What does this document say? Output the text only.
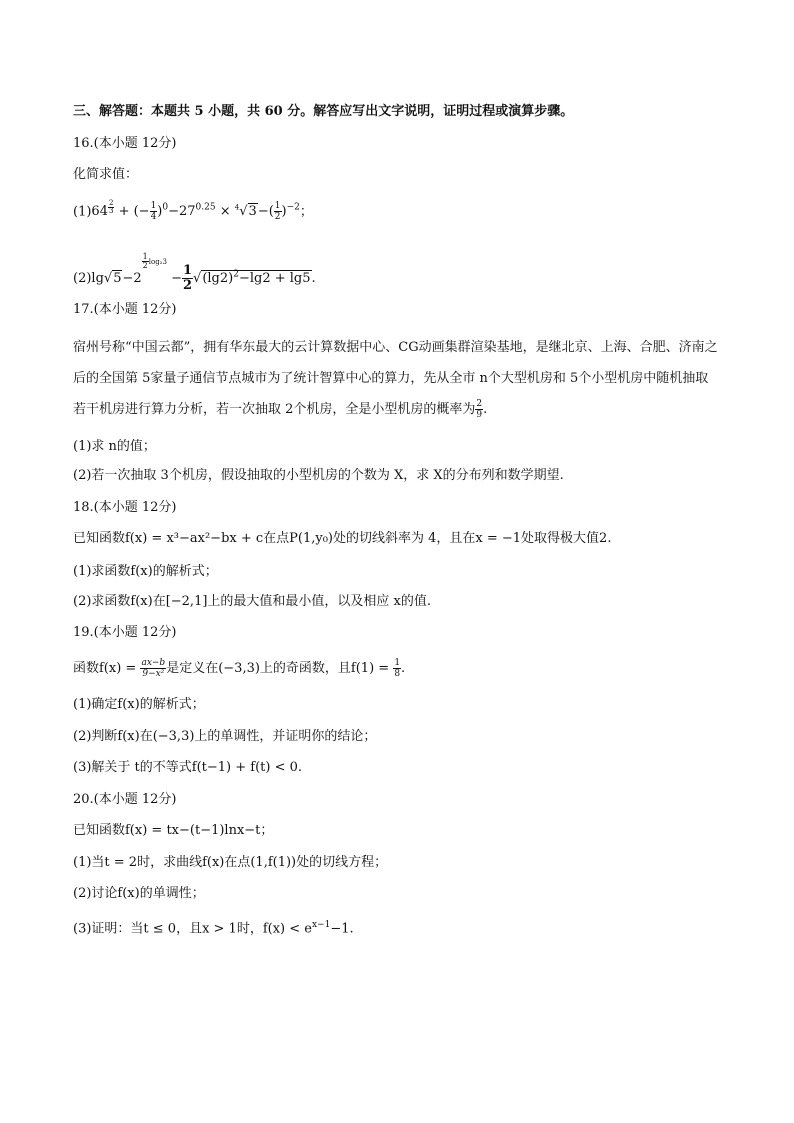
三、解答题：本题共 5 小题，共 60 分。解答应写出文字说明，证明过程或演算步骤。
16.(本小题 12分)
化简求值：
(1)64 $^{\frac{2}{3}}$ + (− $\frac{1}{4} )^0-27^{0.25} \times ^4√3-( \frac{1}{2} )^{-2}$；
(2)lg√5−2
$^{\frac{1}{2} log_23} - \frac{1}{2} √(\lg 2)^2-\lg 2 + \lg 5$.
17.(本小题 12分)
宿州号称“中国云都”，拥有华东最大的云计算数据中心、CG动画集群渲染基地，是继北京、上海、合肥、济南之后的全国第 5家量子通信节点城市为了统计智算中心的算力，先从全市 n个大型机房和 5个小型机房中随机抽取若干机房进行算力分析，若一次抽取 2个机房，全是小型机房的概率为 $\frac{2}{9}$ .
(1)求 n的值；
(2)若一次抽取 3个机房，假设抽取的小型机房的个数为 X，求 X的分布列和数学期望.
18.(本小题 12分)
已知函数f(x) = x³−ax²−bx + c在点P(1,y₀)处的切线斜率为 4，且在x = −1处取得极大值2.
(1)求函数f(x)的解析式；
(2)求函数f(x)在[−2,1]上的最大值和最小值，以及相应 x的值.
19.(本小题 12分)
函数$f(x) = \frac{ax-b}{\text{9−x²}}$ 是定义在(−3,3)上的奇函数，且$f(1) = \frac{1}{8}$ .
(1)确定f(x)的解析式；
(2)判断f(x)在(−3,3)上的单调性，并证明你的结论；
(3)解关于 t的不等式f(t−1) + f(t) < 0.
20.(本小题 12分)
已知函数f(x) = tx−(t−1)lnx−t；
(1)当t = 2时，求曲线f(x)在点(1,f(1))处的切线方程；
(2)讨论f(x)的单调性；
(3)证明：当t ≤ 0，且x > 1时，$f(x) < e^{x-1}-1$.
